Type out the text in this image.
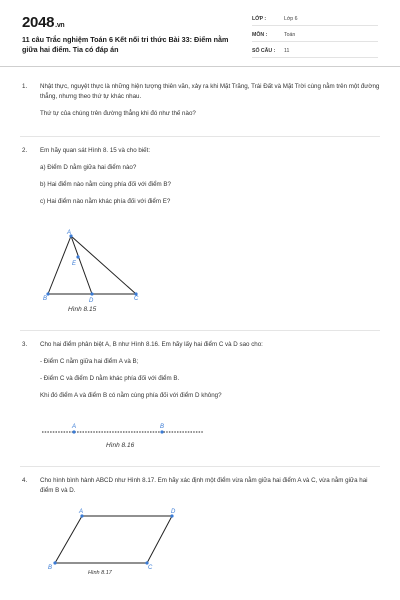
2048.vn
11 câu Trắc nghiệm Toán 6 Kết nối tri thức Bài 33: Điểm nằm giữa hai điểm. Tia có đáp án
LỚP :	Lớp 6
MÔN :	Toán
SỐ CÂU : 11
1. Nhật thực, nguyệt thực là những hiện tượng thiên văn, xảy ra khi Mặt Trăng, Trái Đất và Mặt Trời cùng nằm trên một đường thẳng, nhưng theo thứ tự khác nhau.

Thứ tự của chúng trên đường thẳng khi đó như thế nào?

2. Em hãy quan sát Hình 8. 15 và cho biết:

a) Điểm D nằm giữa hai điểm nào?

b) Hai điểm nào nằm cùng phía đối với điểm B?

c) Hai điểm nào nằm khác phía đối với điểm E?

A
E
B	D	C
Hình 8.15
3. Cho hai điểm phân biệt A, B như Hình 8.16. Em hãy lấy hai điểm C và D sao cho:

- Điểm C nằm giữa hai điểm A và B;

- Điểm C và điểm D nằm khác phía đối với điểm B.

Khi đó điểm A và điểm B có nằm cùng phía đối với điểm D không?

A	B
Hình 8.16
4. Cho hình bình hành ABCD như Hình 8.17. Em hãy xác định một điểm vừa nằm giữa hai điểm A và C, vừa nằm giữa hai điểm B và D.

A	D
B	C
Hình 8.17
